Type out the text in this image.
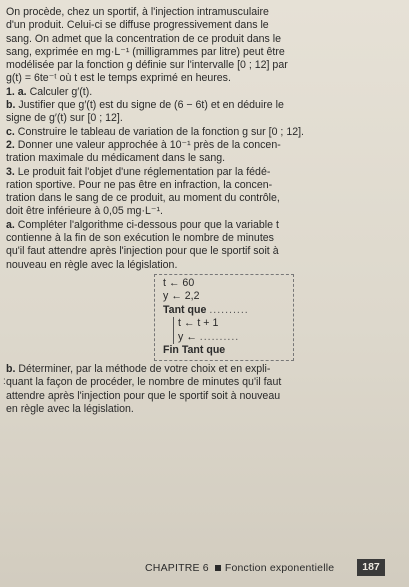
On procède, chez un sportif, à l'injection intramusculaire
d'un produit. Celui-ci se diffuse progressivement dans le
sang. On admet que la concentration de ce produit dans le
sang, exprimée en mg·L⁻¹ (milligrammes par litre) peut être
modélisée par la fonction g définie sur l'intervalle [0 ; 12] par
g(t) = 6te⁻ᵗ où t est le temps exprimé en heures.
1. a. Calculer g′(t).
b. Justifier que g′(t) est du signe de (6 − 6t) et en déduire le
signe de g′(t) sur [0 ; 12].
c. Construire le tableau de variation de la fonction g sur [0 ; 12].
2. Donner une valeur approchée à 10⁻¹ près de la concen-
tration maximale du médicament dans le sang.
3. Le produit fait l'objet d'une réglementation par la fédé-
ration sportive. Pour ne pas être en infraction, la concen-
tration dans le sang de ce produit, au moment du contrôle,
doit être inférieure à 0,05 mg·L⁻¹.
a. Compléter l'algorithme ci-dessous pour que la variable t
contienne à la fin de son exécution le nombre de minutes
qu'il faut attendre après l'injection pour que le sportif soit à
nouveau en règle avec la législation.
t ← 60
y ← 2,2
Tant que ..........
t ← t + 1
y ← ..........
Fin Tant que
b. Déterminer, par la méthode de votre choix et en expli-
quant la façon de procéder, le nombre de minutes qu'il faut
attendre après l'injection pour que le sportif soit à nouveau
en règle avec la législation.
:
CHAPITRE 6 Fonction exponentielle	187
